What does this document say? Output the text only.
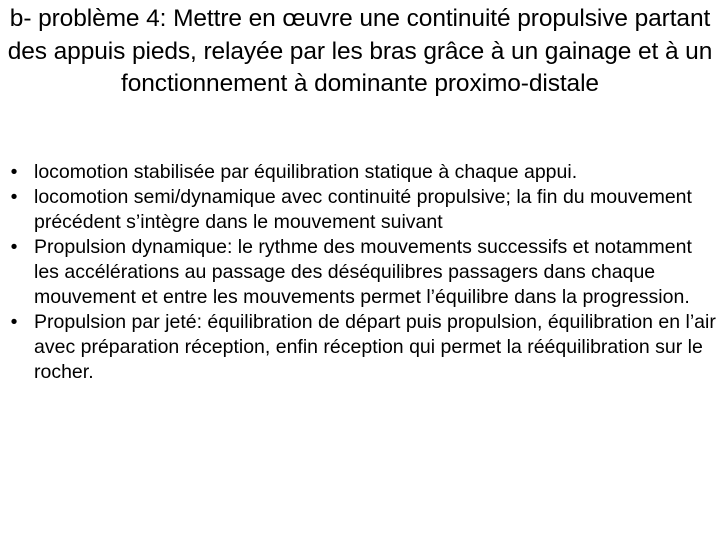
b- problème 4: Mettre en œuvre une continuité propulsive partant des appuis pieds, relayée par les bras grâce à un gainage et à un fonctionnement à dominante proximo-distale
• locomotion stabilisée par équilibration statique à chaque appui.
• locomotion semi/dynamique avec continuité propulsive; la fin du mouvement précédent s’intègre dans le mouvement suivant
• Propulsion dynamique: le rythme des mouvements successifs et notamment les accélérations au passage des déséquilibres passagers dans chaque mouvement et entre les mouvements permet l’équilibre dans la progression.
• Propulsion par jeté: équilibration de départ puis propulsion, équilibration en l’air avec préparation réception, enfin réception qui permet la rééquilibration sur le rocher.
